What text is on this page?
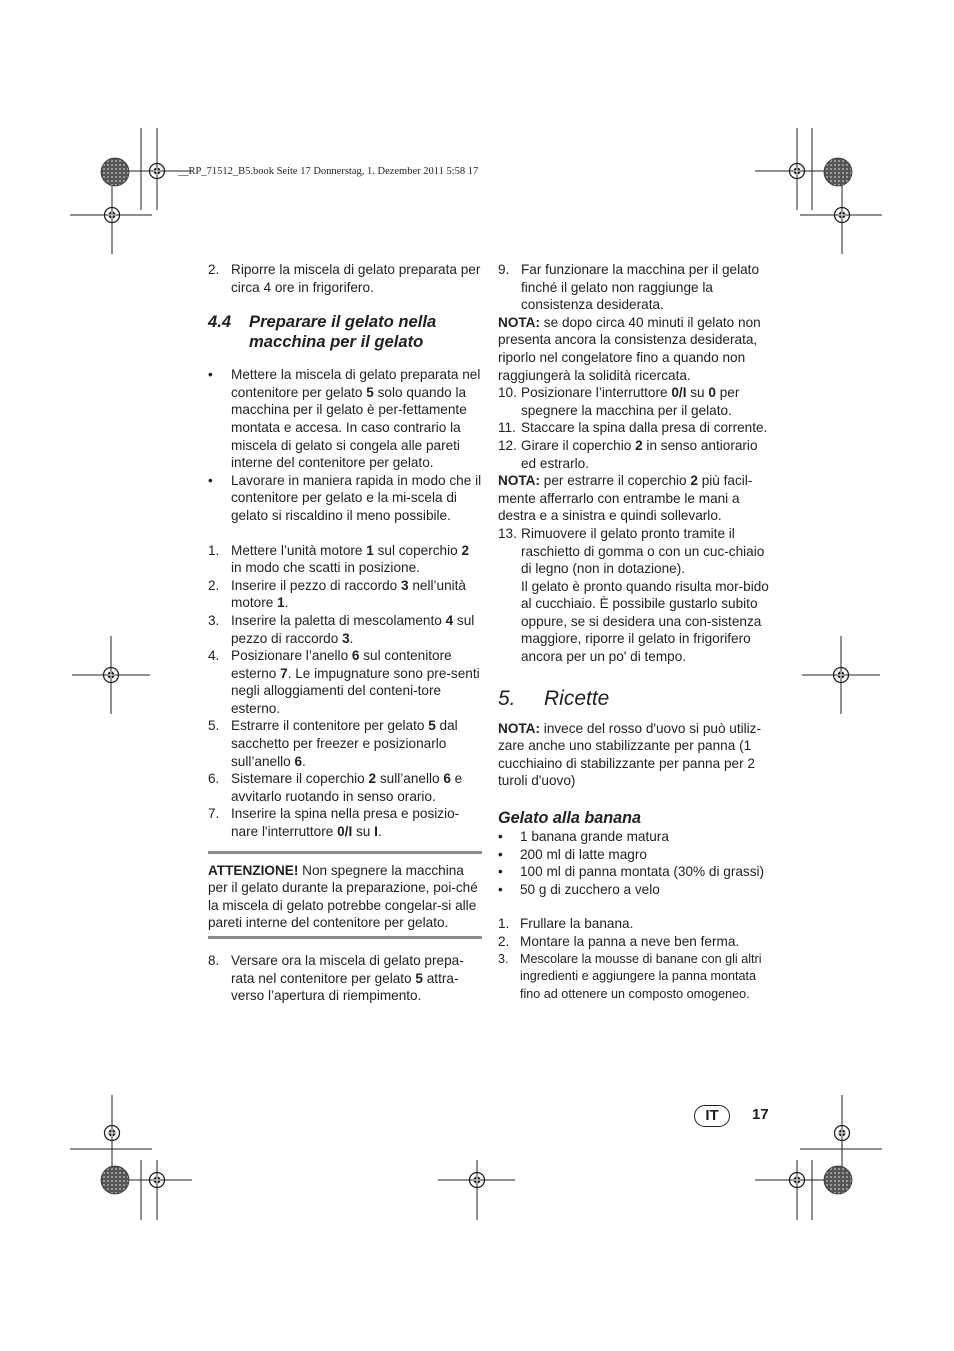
__RP_71512_B5.book Seite 17 Donnerstag, 1. Dezember 2011 5:58 17
2. Riporre la miscela di gelato preparata per circa 4 ore in frigorifero.
4.4 Preparare il gelato nella macchina per il gelato
• Mettere la miscela di gelato preparata nel contenitore per gelato 5 solo quando la macchina per il gelato è per-fettamente montata e accesa. In caso contrario la miscela di gelato si congela alle pareti interne del contenitore per gelato.
• Lavorare in maniera rapida in modo che il contenitore per gelato e la mi-scela di gelato si riscaldino il meno possibile.
1. Mettere l’unità motore 1 sul coperchio 2 in modo che scatti in posizione.
2. Inserire il pezzo di raccordo 3 nell’unità motore 1.
3. Inserire la paletta di mescolamento 4 sul pezzo di raccordo 3.
4. Posizionare l’anello 6 sul contenitore esterno 7. Le impugnature sono pre-senti negli alloggiamenti del conteni-tore esterno.
5. Estrarre il contenitore per gelato 5 dal sacchetto per freezer e posizionarlo sull’anello 6.
6. Sistemare il coperchio 2 sull’anello 6 e avvitarlo ruotando in senso orario.
7. Inserire la spina nella presa e posizio-nare l'interruttore 0/I su I.
ATTENZIONE! Non spegnere la macchina per il gelato durante la preparazione, poi-ché la miscela di gelato potrebbe congelar-si alle pareti interne del contenitore per gelato.
8. Versare ora la miscela di gelato prepa-rata nel contenitore per gelato 5 attra-verso l’apertura di riempimento.
9. Far funzionare la macchina per il gelato finché il gelato non raggiunge la consistenza desiderata.
NOTA: se dopo circa 40 minuti il gelato non presenta ancora la consistenza desiderata, riporlo nel congelatore fino a quando non raggiungerà la solidità ricercata.
10. Posizionare l’interruttore 0/I su 0 per spegnere la macchina per il gelato.
11. Staccare la spina dalla presa di corrente.
12. Girare il coperchio 2 in senso antiorario ed estrarlo.
NOTA: per estrarre il coperchio 2 più facil-mente afferrarlo con entrambe le mani a destra e a sinistra e quindi sollevarlo.
13. Rimuovere il gelato pronto tramite il raschietto di gomma o con un cuc-chiaio di legno (non in dotazione).
Il gelato è pronto quando risulta mor-bido al cucchiaio. È possibile gustarlo subito oppure, se si desidera una con-sistenza maggiore, riporre il gelato in frigorifero ancora per un po' di tempo.
5. Ricette
NOTA: invece del rosso d'uovo si può utiliz-zare anche uno stabilizzante per panna (1 cucchiaino di stabilizzante per panna per 2 turoli d'uovo)
Gelato alla banana
• 1 banana grande matura
• 200 ml di latte magro
• 100 ml di panna montata (30% di grassi)
• 50 g di zucchero a velo
1. Frullare la banana.
2. Montare la panna a neve ben ferma.
3. Mescolare la mousse di banane con gli altri ingredienti e aggiungere la panna montata fino ad ottenere un composto omogeneo.
IT	17
